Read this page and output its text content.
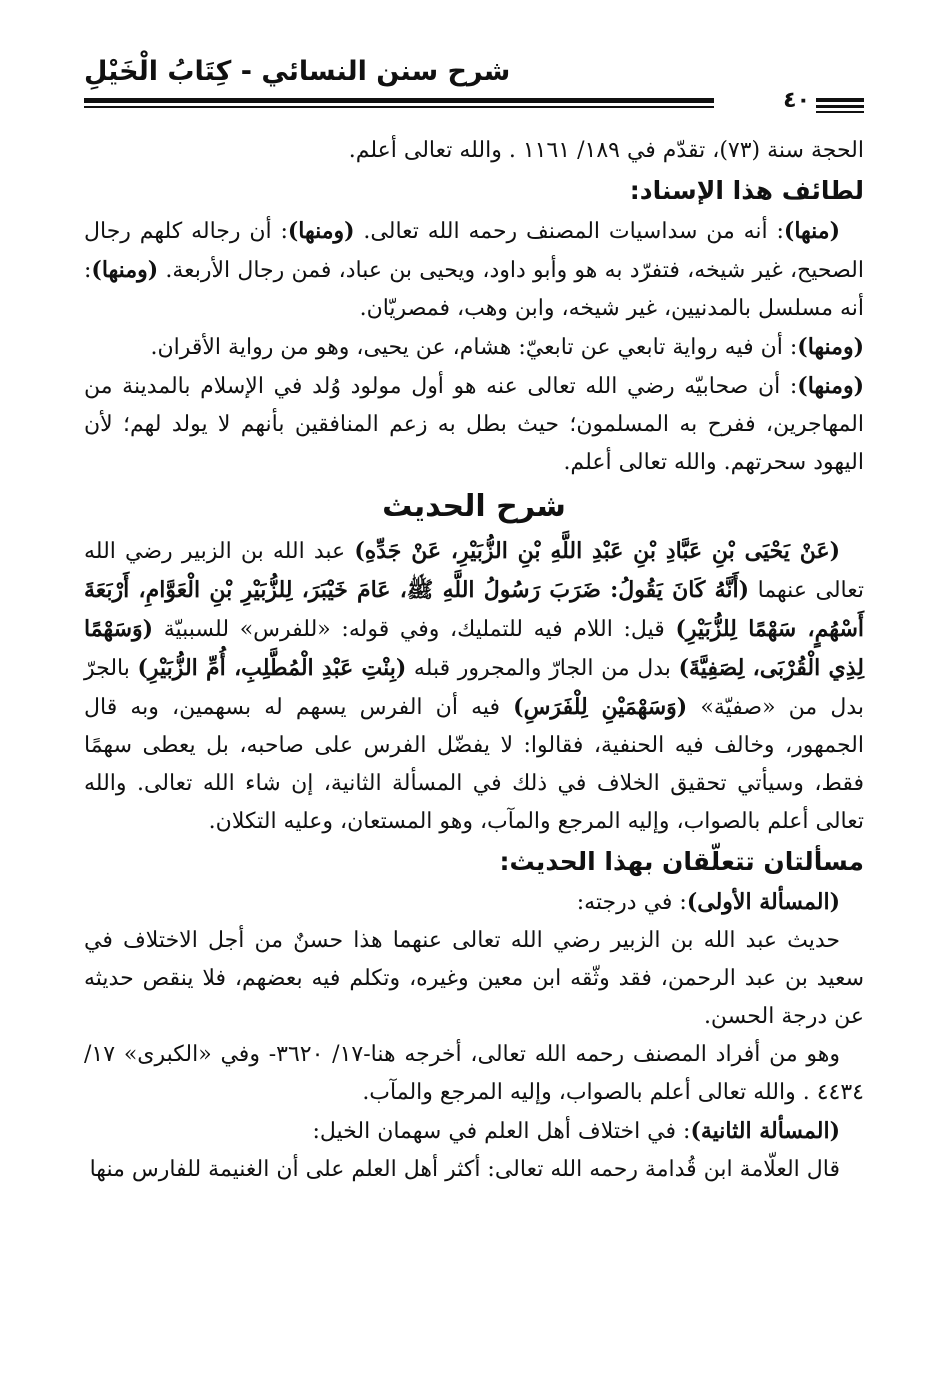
شرح سنن النسائي - كِتَابُ الْخَيْلِ
٤٠

الحجة سنة (٧٣)، تقدّم في ١٨٩/ ١١٦١ . والله تعالى أعلم.

لطائف هذا الإسناد:

(منها): أنه من سداسيات المصنف رحمه الله تعالى. (ومنها): أن رجاله كلهم رجال الصحيح، غير شيخه، فتفرّد به هو وأبو داود، ويحيى بن عباد، فمن رجال الأربعة. (ومنها): أنه مسلسل بالمدنيين، غير شيخه، وابن وهب، فمصريّان.

(ومنها): أن فيه رواية تابعي عن تابعيّ: هشام، عن يحيى، وهو من رواية الأقران.

(ومنها): أن صحابيّه رضي الله تعالى عنه هو أول مولود وُلد في الإسلام بالمدينة من المهاجرين، ففرح به المسلمون؛ حيث بطل به زعم المنافقين بأنهم لا يولد لهم؛ لأن اليهود سحرتهم. والله تعالى أعلم.

شرح الحديث

(عَنْ يَحْيَى بْنِ عَبَّادِ بْنِ عَبْدِ اللَّهِ بْنِ الزُّبَيْرِ، عَنْ جَدِّهِ) عبد الله بن الزبير رضي الله تعالى عنهما (أَنَّهُ كَانَ يَقُولُ: ضَرَبَ رَسُولُ اللَّهِ ﷺ، عَامَ خَيْبَرَ، لِلزُّبَيْرِ بْنِ الْعَوَّامِ، أَرْبَعَةَ أَسْهُمٍ، سَهْمًا لِلزُّبَيْرِ) قيل: اللام فيه للتمليك، وفي قوله: «للفرس» للسببيّة (وَسَهْمًا لِذِي الْقُرْبَى، لِصَفِيَّةَ) بدل من الجارّ والمجرور قبله (بِنْتِ عَبْدِ الْمُطَّلِبِ، أُمِّ الزُّبَيْرِ) بالجرّ بدل من «صفيّة» (وَسَهْمَيْنِ لِلْفَرَسِ) فيه أن الفرس يسهم له بسهمين، وبه قال الجمهور، وخالف فيه الحنفية، فقالوا: لا يفضّل الفرس على صاحبه، بل يعطى سهمًا فقط، وسيأتي تحقيق الخلاف في ذلك في المسألة الثانية، إن شاء الله تعالى. والله تعالى أعلم بالصواب، وإليه المرجع والمآب، وهو المستعان، وعليه التكلان.

مسألتان تتعلّقان بهذا الحديث:

(المسألة الأولى): في درجته:

حديث عبد الله بن الزبير رضي الله تعالى عنهما هذا حسنٌ من أجل الاختلاف في سعيد بن عبد الرحمن، فقد وثّقه ابن معين وغيره، وتكلم فيه بعضهم، فلا ينقص حديثه عن درجة الحسن.

وهو من أفراد المصنف رحمه الله تعالى، أخرجه هنا-١٧/ ٣٦٢٠- وفي «الكبرى» ١٧/ ٤٤٣٤ . والله تعالى أعلم بالصواب، وإليه المرجع والمآب.

(المسألة الثانية): في اختلاف أهل العلم في سهمان الخيل:

قال العلّامة ابن قُدامة رحمه الله تعالى: أكثر أهل العلم على أن الغنيمة للفارس منها
